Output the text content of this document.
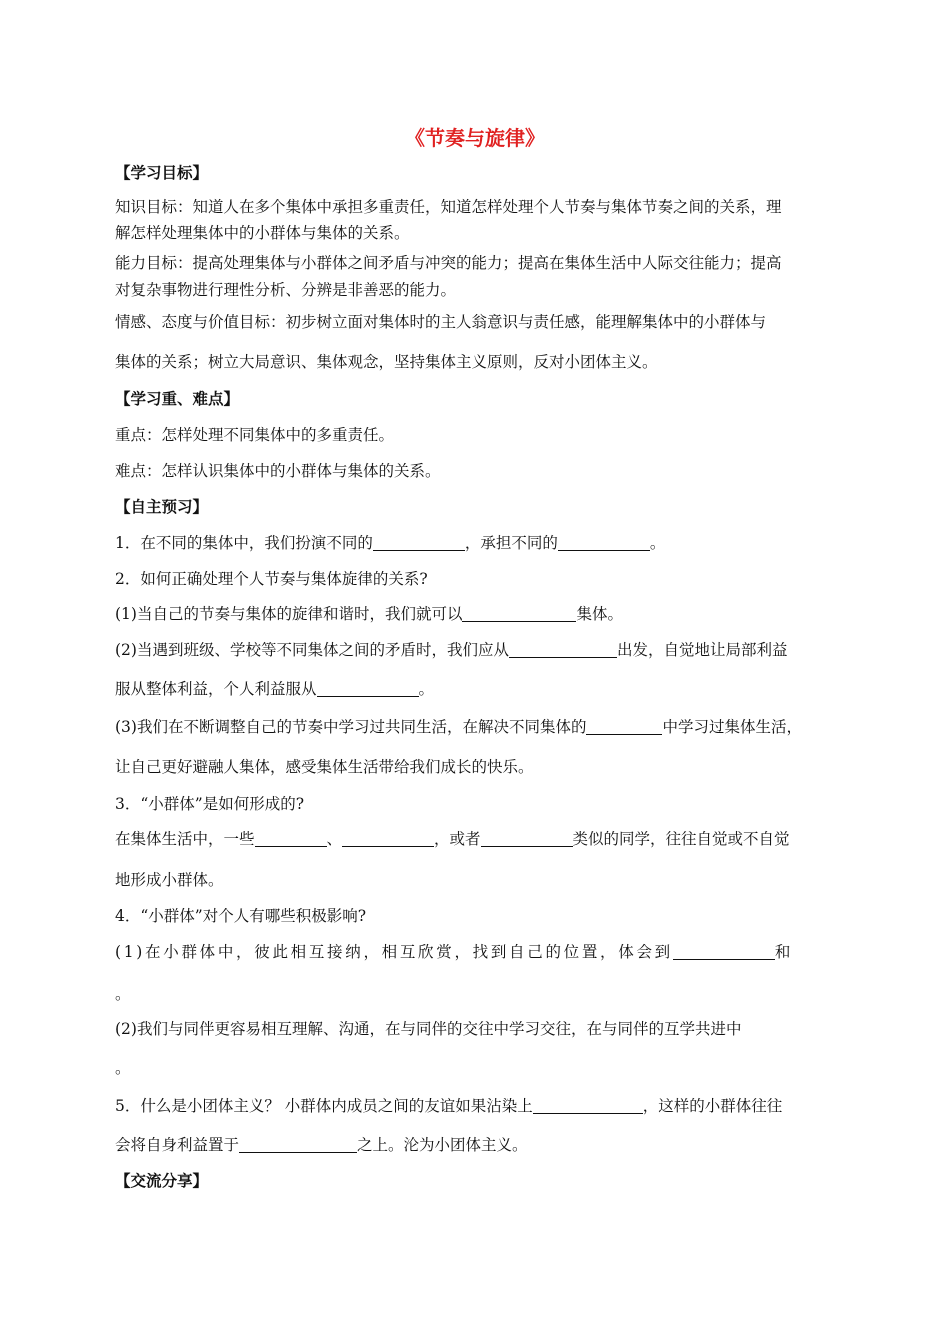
《节奏与旋律》
【学习目标】
知识目标：知道人在多个集体中承担多重责任，知道怎样处理个人节奏与集体节奏之间的关系，理
解怎样处理集体中的小群体与集体的关系。
能力目标：提高处理集体与小群体之间矛盾与冲突的能力；提高在集体生活中人际交往能力；提高
对复杂事物进行理性分析、分辨是非善恶的能力。
情感、态度与价值目标：初步树立面对集体时的主人翁意识与责任感，能理解集体中的小群体与
集体的关系；树立大局意识、集体观念，坚持集体主义原则，反对小团体主义。
【学习重、难点】
重点：怎样处理不同集体中的多重责任。
难点：怎样认识集体中的小群体与集体的关系。
【自主预习】
1．在不同的集体中，我们扮演不同的	，承担不同的	。
2．如何正确处理个人节奏与集体旋律的关系?
(1)当自己的节奏与集体的旋律和谐时，我们就可以	集体。
(2)当遇到班级、学校等不同集体之间的矛盾时，我们应从	出发，自觉地让局部利益
服从整体利益，个人利益服从	。
(3)我们在不断调整自己的节奏中学习过共同生活，在解决不同集体的	中学习过集体生活，
让自己更好避融人集体，感受集体生活带给我们成长的快乐。
3．“小群体”是如何形成的?
在集体生活中，一些	、	，或者	类似的同学，往往自觉或不自觉
地形成小群体。
4．“小群体”对个人有哪些积极影响?
(1)在小群体中，彼此相互接纳，相互欣赏，找到自己的位置，体会到	和
。
(2)我们与同伴更容易相互理解、沟通，在与同伴的交往中学习交往，在与同伴的互学共进中
。
5．什么是小团体主义？ 小群体内成员之间的友谊如果沾染上	，这样的小群体往往
会将自身利益置于	之上。沦为小团体主义。
【交流分享】
